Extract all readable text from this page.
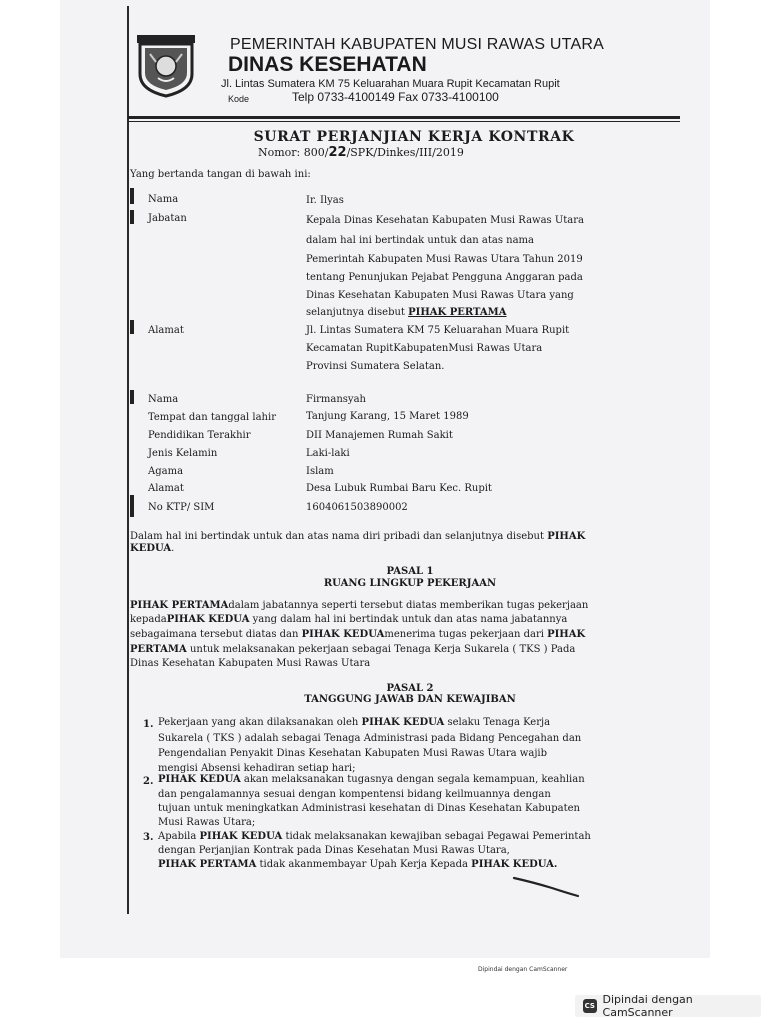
PEMERINTAH KABUPATEN MUSI RAWAS UTARA
DINAS KESEHATAN
Jl. Lintas Sumatera KM 75 Keluarahan Muara Rupit Kecamatan Rupit
Kode	Telp 0733-4100149 Fax 0733-4100100
SURAT PERJANJIAN KERJA KONTRAK
Nomor: 800/22/SPK/Dinkes/III/2019
Yang bertanda tangan di bawah ini:
Nama	Ir. Ilyas
Jabatan	Kepala Dinas Kesehatan Kabupaten Musi Rawas Utara
dalam hal ini bertindak untuk dan atas nama
Pemerintah Kabupaten Musi Rawas Utara Tahun 2019
tentang Penunjukan Pejabat Pengguna Anggaran pada
Dinas Kesehatan Kabupaten Musi Rawas Utara yang
selanjutnya disebut PIHAK PERTAMA
Alamat	Jl. Lintas Sumatera KM 75 Keluarahan Muara Rupit
Kecamatan RupitKabupatenMusi Rawas Utara
Provinsi Sumatera Selatan.
Nama	Firmansyah
Tempat dan tanggal lahir	Tanjung Karang, 15 Maret 1989
Pendidikan Terakhir	DII Manajemen Rumah Sakit
Jenis Kelamin	Laki-laki
Agama	Islam
Alamat	Desa Lubuk Rumbai Baru Kec. Rupit
No KTP/ SIM	1604061503890002
Dalam hal ini bertindak untuk dan atas nama diri pribadi dan selanjutnya disebut PIHAK
KEDUA.
PASAL 1
RUANG LINGKUP PEKERJAAN
PIHAK PERTAMAdalam jabatannya seperti tersebut diatas memberikan tugas pekerjaan
kepadaPIHAK KEDUA yang dalam hal ini bertindak untuk dan atas nama jabatannya
sebagaimana tersebut diatas dan PIHAK KEDUAmenerima tugas pekerjaan dari PIHAK
PERTAMA untuk melaksanakan pekerjaan sebagai Tenaga Kerja Sukarela ( TKS ) Pada
Dinas Kesehatan Kabupaten Musi Rawas Utara
PASAL 2
TANGGUNG JAWAB DAN KEWAJIBAN
1. Pekerjaan yang akan dilaksanakan oleh PIHAK KEDUA selaku Tenaga Kerja
Sukarela ( TKS ) adalah sebagai Tenaga Administrasi pada Bidang Pencegahan dan
Pengendalian Penyakit Dinas Kesehatan Kabupaten Musi Rawas Utara wajib
mengisi Absensi kehadiran setiap hari;
2. PIHAK KEDUA akan melaksanakan tugasnya dengan segala kemampuan, keahlian
dan pengalamannya sesuai dengan kompentensi bidang keilmuannya dengan
tujuan untuk meningkatkan Administrasi kesehatan di Dinas Kesehatan Kabupaten
Musi Rawas Utara;
3. Apabila PIHAK KEDUA tidak melaksanakan kewajiban sebagai Pegawai Pemerintah
dengan Perjanjian Kontrak pada Dinas Kesehatan Musi Rawas Utara,
PIHAK PERTAMA tidak akanmembayar Upah Kerja Kepada PIHAK KEDUA.
Dipindai dengan CamScanner
CS Dipindai dengan CamScanner
